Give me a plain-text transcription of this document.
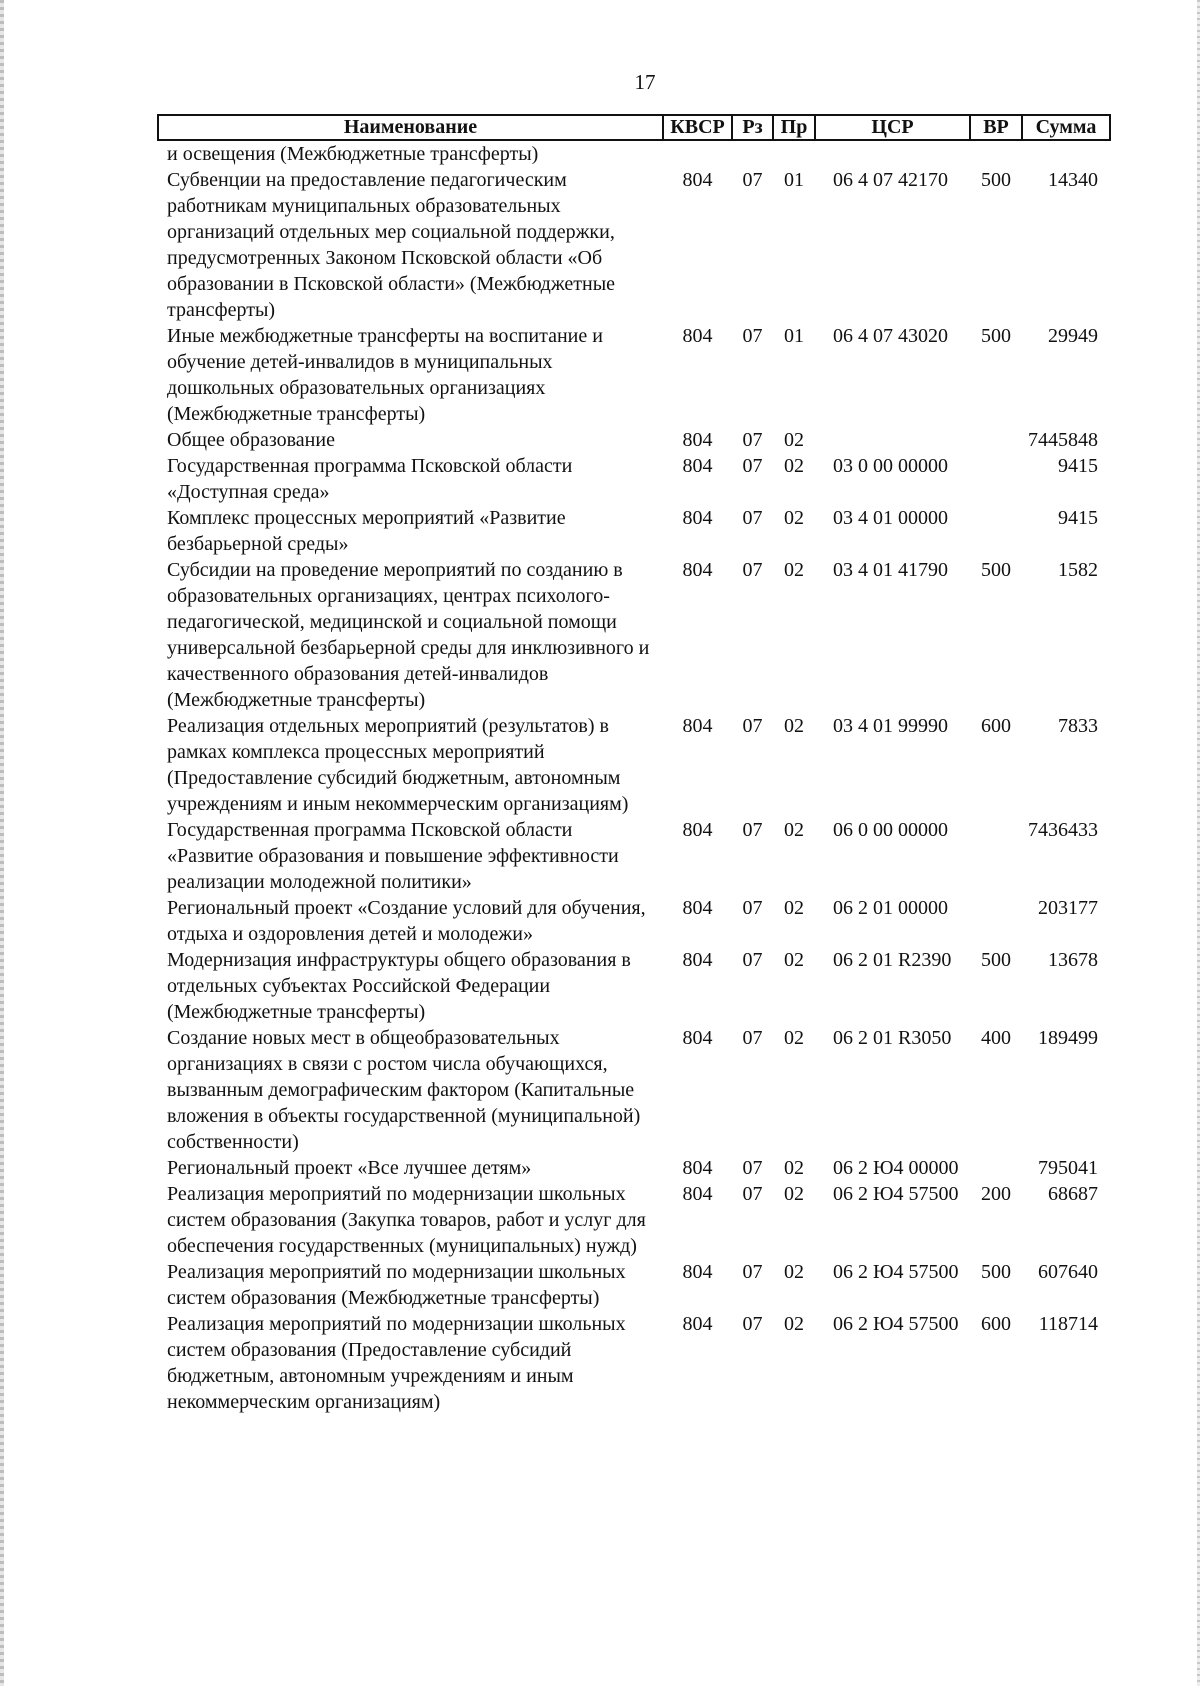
17
Наименование	КВСР	Рз	Пр	ЦСР	ВР	Сумма
и освещения (Межбюджетные трансферты)						
Субвенции на предоставление педагогическим работникам муниципальных образовательных организаций отдельных мер социальной поддержки, предусмотренных Законом Псковской области «Об образовании в Псковской области» (Межбюджетные трансферты)	804	07	01	06 4 07 42170	500	14340
Иные межбюджетные трансферты на воспитание и обучение детей-инвалидов в муниципальных дошкольных образовательных организациях (Межбюджетные трансферты)	804	07	01	06 4 07 43020	500	29949
Общее образование	804	07	02			7445848
Государственная программа Псковской области «Доступная среда»	804	07	02	03 0 00 00000		9415
Комплекс процессных мероприятий «Развитие безбарьерной среды»	804	07	02	03 4 01 00000		9415
Субсидии на проведение мероприятий по созданию в образовательных организациях, центрах психолого-педагогической, медицинской и социальной помощи универсальной безбарьерной среды для инклюзивного и качественного образования детей-инвалидов (Межбюджетные трансферты)	804	07	02	03 4 01 41790	500	1582
Реализация отдельных мероприятий (результатов) в рамках комплекса процессных мероприятий (Предоставление субсидий бюджетным, автономным учреждениям и иным некоммерческим организациям)	804	07	02	03 4 01 99990	600	7833
Государственная программа Псковской области «Развитие образования и повышение эффективности реализации молодежной политики»	804	07	02	06 0 00 00000		7436433
Региональный проект «Создание условий для обучения, отдыха и оздоровления детей и молодежи»	804	07	02	06 2 01 00000		203177
Модернизация инфраструктуры общего образования в отдельных субъектах Российской Федерации (Межбюджетные трансферты)	804	07	02	06 2 01 R2390	500	13678
Создание новых мест в общеобразовательных организациях в связи с ростом числа обучающихся, вызванным демографическим фактором (Капитальные вложения в объекты государственной (муниципальной) собственности)	804	07	02	06 2 01 R3050	400	189499
Региональный проект «Все лучшее детям»	804	07	02	06 2 Ю4 00000		795041
Реализация мероприятий по модернизации школьных систем образования (Закупка товаров, работ и услуг для обеспечения государственных (муниципальных) нужд)	804	07	02	06 2 Ю4 57500	200	68687
Реализация мероприятий по модернизации школьных систем образования (Межбюджетные трансферты)	804	07	02	06 2 Ю4 57500	500	607640
Реализация мероприятий по модернизации школьных систем образования (Предоставление субсидий бюджетным, автономным учреждениям и иным некоммерческим организациям)	804	07	02	06 2 Ю4 57500	600	118714
